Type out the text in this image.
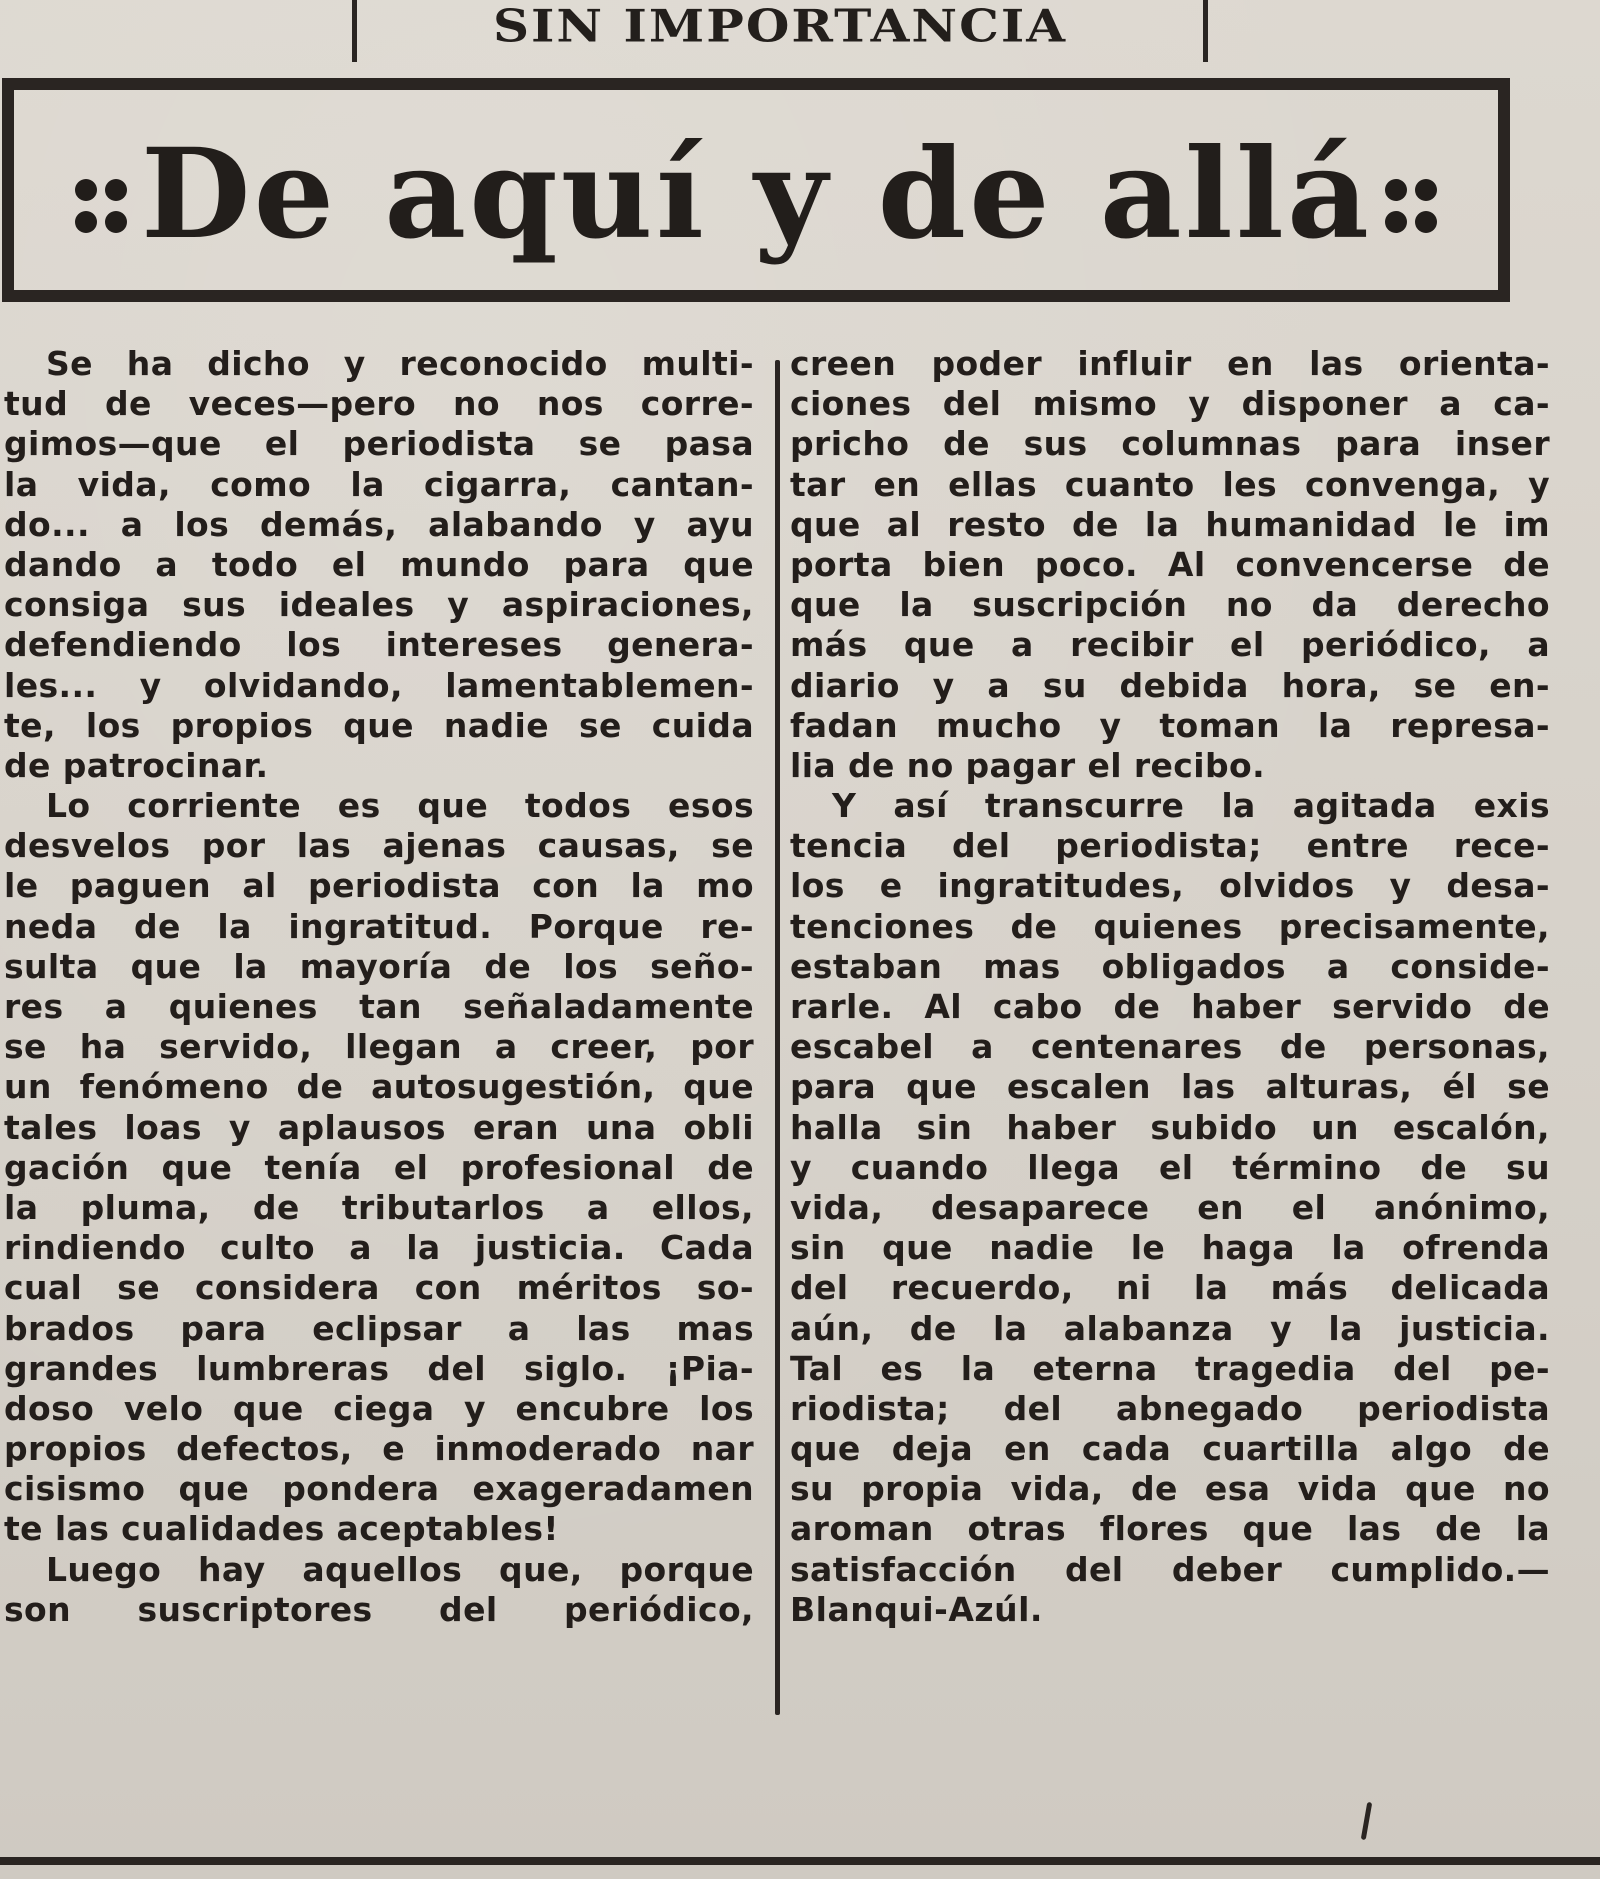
SIN IMPORTANCIA
De aquí y de allá
Se ha dicho y reconocido multi-
tud de veces—pero no nos corre-
gimos—que el periodista se pasa
la vida, como la cigarra, cantan-
do... a los demás, alabando y ayu
dando a todo el mundo para que
consiga sus ideales y aspiraciones,
defendiendo los intereses genera-
les... y olvidando, lamentablemen-
te, los propios que nadie se cuida
de patrocinar.
Lo corriente es que todos esos
desvelos por las ajenas causas, se
le paguen al periodista con la mo
neda de la ingratitud. Porque re-
sulta que la mayoría de los seño-
res a quienes tan señaladamente
se ha servido, llegan a creer, por
un fenómeno de autosugestión, que
tales loas y aplausos eran una obli
gación que tenía el profesional de
la pluma, de tributarlos a ellos,
rindiendo culto a la justicia. Cada
cual se considera con méritos so-
brados para eclipsar a las mas
grandes lumbreras del siglo. ¡Pia-
doso velo que ciega y encubre los
propios defectos, e inmoderado nar
cisismo que pondera exageradamen
te las cualidades aceptables!
Luego hay aquellos que, porque
son suscriptores del periódico,
creen poder influir en las orienta-
ciones del mismo y disponer a ca-
pricho de sus columnas para inser
tar en ellas cuanto les convenga, y
que al resto de la humanidad le im
porta bien poco. Al convencerse de
que la suscripción no da derecho
más que a recibir el periódico, a
diario y a su debida hora, se en-
fadan mucho y toman la represa-
lia de no pagar el recibo.
Y así transcurre la agitada exis
tencia del periodista; entre rece-
los e ingratitudes, olvidos y desa-
tenciones de quienes precisamente,
estaban mas obligados a conside-
rarle. Al cabo de haber servido de
escabel a centenares de personas,
para que escalen las alturas, él se
halla sin haber subido un escalón,
y cuando llega el término de su
vida, desaparece en el anónimo,
sin que nadie le haga la ofrenda
del recuerdo, ni la más delicada
aún, de la alabanza y la justicia.
Tal es la eterna tragedia del pe-
riodista; del abnegado periodista
que deja en cada cuartilla algo de
su propia vida, de esa vida que no
aroman otras flores que las de la
satisfacción del deber cumplido.—
Blanqui-Azúl.
